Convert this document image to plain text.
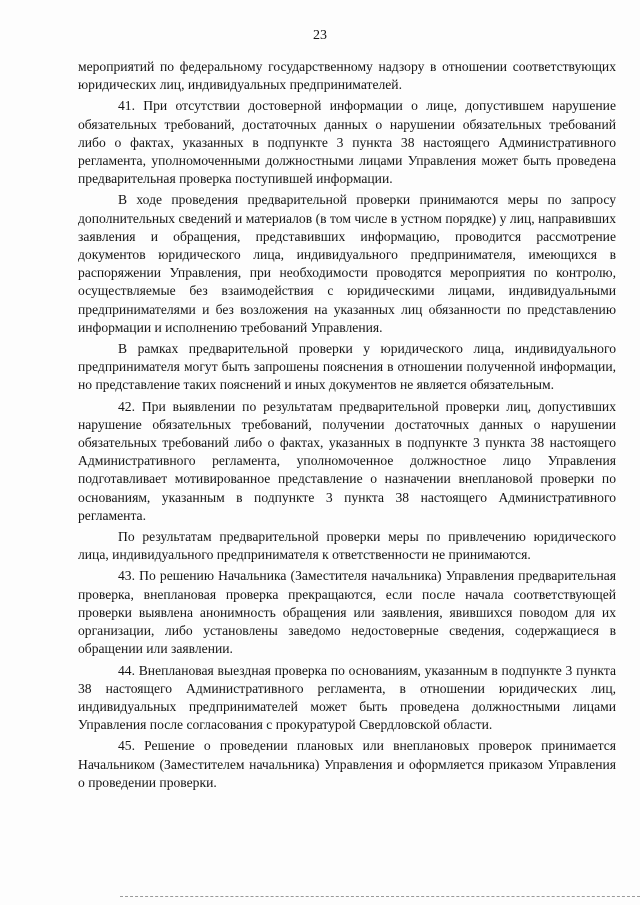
23

мероприятий по федеральному государственному надзору в отношении соответствующих юридических лиц, индивидуальных предпринимателей.

41. При отсутствии достоверной информации о лице, допустившем нарушение обязательных требований, достаточных данных о нарушении обязательных требований либо о фактах, указанных в подпункте 3 пункта 38 настоящего Административного регламента, уполномоченными должностными лицами Управления может быть проведена предварительная проверка поступившей информации.

В ходе проведения предварительной проверки принимаются меры по запросу дополнительных сведений и материалов (в том числе в устном порядке) у лиц, направивших заявления и обращения, представивших информацию, проводится рассмотрение документов юридического лица, индивидуального предпринимателя, имеющихся в распоряжении Управления, при необходимости проводятся мероприятия по контролю, осуществляемые без взаимодействия с юридическими лицами, индивидуальными предпринимателями и без возложения на указанных лиц обязанности по представлению информации и исполнению требований Управления.

В рамках предварительной проверки у юридического лица, индивидуального предпринимателя могут быть запрошены пояснения в отношении полученной информации, но представление таких пояснений и иных документов не является обязательным.

42. При выявлении по результатам предварительной проверки лиц, допустивших нарушение обязательных требований, получении достаточных данных о нарушении обязательных требований либо о фактах, указанных в подпункте 3 пункта 38 настоящего Административного регламента, уполномоченное должностное лицо Управления подготавливает мотивированное представление о назначении внеплановой проверки по основаниям, указанным в подпункте 3 пункта 38 настоящего Административного регламента.

По результатам предварительной проверки меры по привлечению юридического лица, индивидуального предпринимателя к ответственности не принимаются.

43. По решению Начальника (Заместителя начальника) Управления предварительная проверка, внеплановая проверка прекращаются, если после начала соответствующей проверки выявлена анонимность обращения или заявления, явившихся поводом для их организации, либо установлены заведомо недостоверные сведения, содержащиеся в обращении или заявлении.

44. Внеплановая выездная проверка по основаниям, указанным в подпункте 3 пункта 38 настоящего Административного регламента, в отношении юридических лиц, индивидуальных предпринимателей может быть проведена должностными лицами Управления после согласования с прокуратурой Свердловской области.

45. Решение о проведении плановых или внеплановых проверок принимается Начальником (Заместителем начальника) Управления и оформляется приказом Управления о проведении проверки.
